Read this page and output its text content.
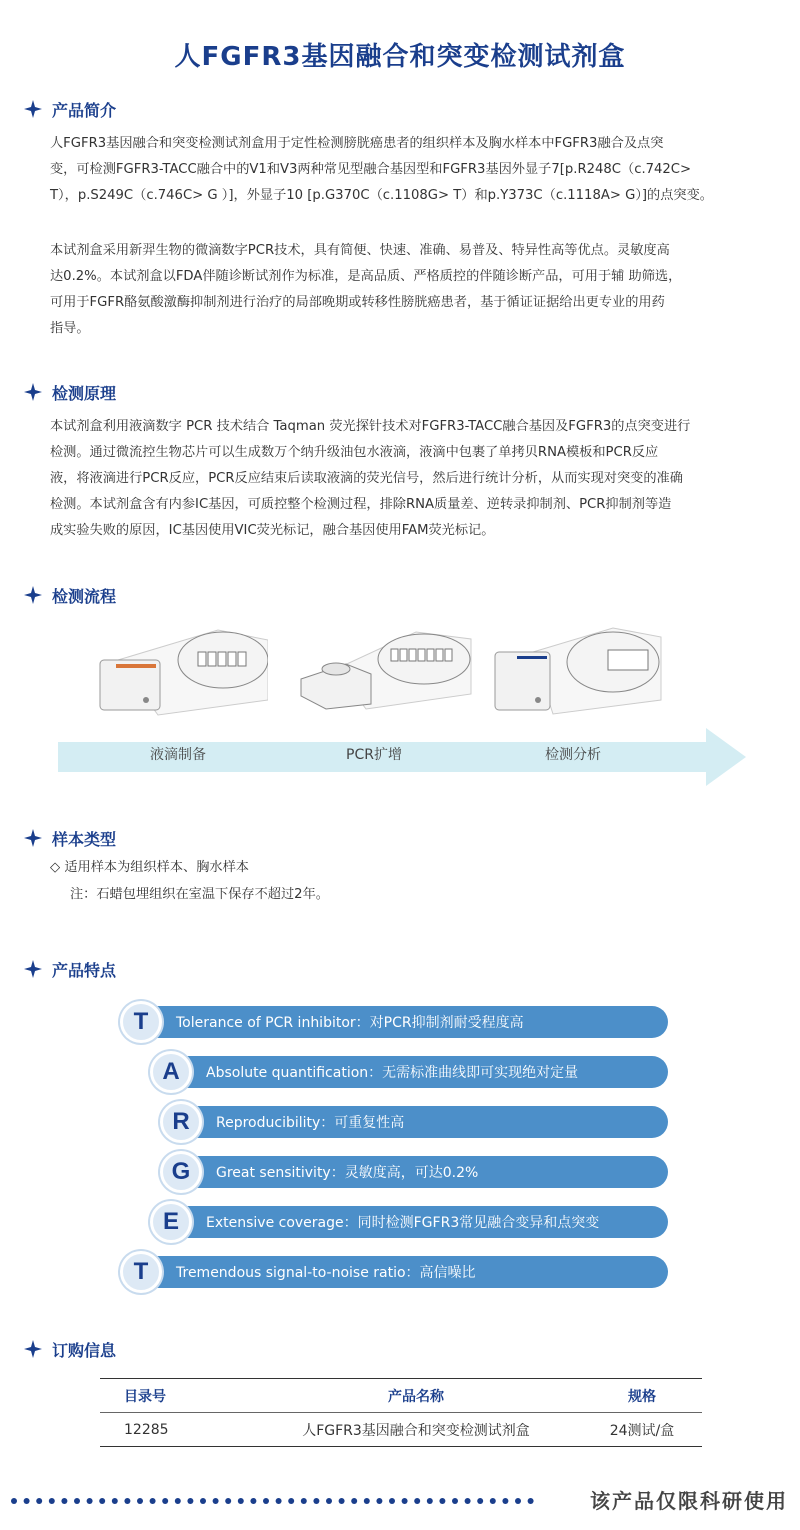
人FGFR3基因融合和突变检测试剂盒
产品简介
人FGFR3基因融合和突变检测试剂盒用于定性检测膀胱癌患者的组织样本及胸水样本中FGFR3融合及点突
变，可检测FGFR3-TACC融合中的V1和V3两种常见型融合基因型和FGFR3基因外显子7[p.R248C（c.742C>
T），p.S249C（c.746C> G ）]，外显子10 [p.G370C（c.1108G> T）和p.Y373C（c.1118A> G）]的点突变。
本试剂盒采用新羿生物的微滴数字PCR技术，具有简便、快速、准确、易普及、特异性高等优点。灵敏度高
达0.2%。本试剂盒以FDA伴随诊断试剂作为标准，是高品质、严格质控的伴随诊断产品，可用于辅 助筛选，
可用于FGFR酪氨酸激酶抑制剂进行治疗的局部晚期或转移性膀胱癌患者，基于循证证据给出更专业的用药
指导。
检测原理
本试剂盒利用液滴数字 PCR 技术结合 Taqman 荧光探针技术对FGFR3-TACC融合基因及FGFR3的点突变进行
检测。通过微流控生物芯片可以生成数万个纳升级油包水液滴，液滴中包裹了单拷贝RNA模板和PCR反应
液，将液滴进行PCR反应，PCR反应结束后读取液滴的荧光信号，然后进行统计分析，从而实现对突变的准确
检测。本试剂盒含有内参IC基因，可质控整个检测过程，排除RNA质量差、逆转录抑制剂、PCR抑制剂等造
成实验失败的原因，IC基因使用VIC荧光标记，融合基因使用FAM荧光标记。
检测流程
液滴制备	PCR扩增	检测分析
样本类型
◇ 适用样本为组织样本、胸水样本
注：石蜡包埋组织在室温下保存不超过2年。
产品特点
T	Tolerance of PCR inhibitor：对PCR抑制剂耐受程度高
A	Absolute quantification：无需标准曲线即可实现绝对定量
R	Reproducibility：可重复性高
G	Great sensitivity：灵敏度高，可达0.2%
E	Extensive coverage：同时检测FGFR3常见融合变异和点突变
T	Tremendous signal-to-noise ratio：高信噪比
订购信息
目录号	产品名称	规格
12285	人FGFR3基因融合和突变检测试剂盒	24测试/盒
该产品仅限科研使用
